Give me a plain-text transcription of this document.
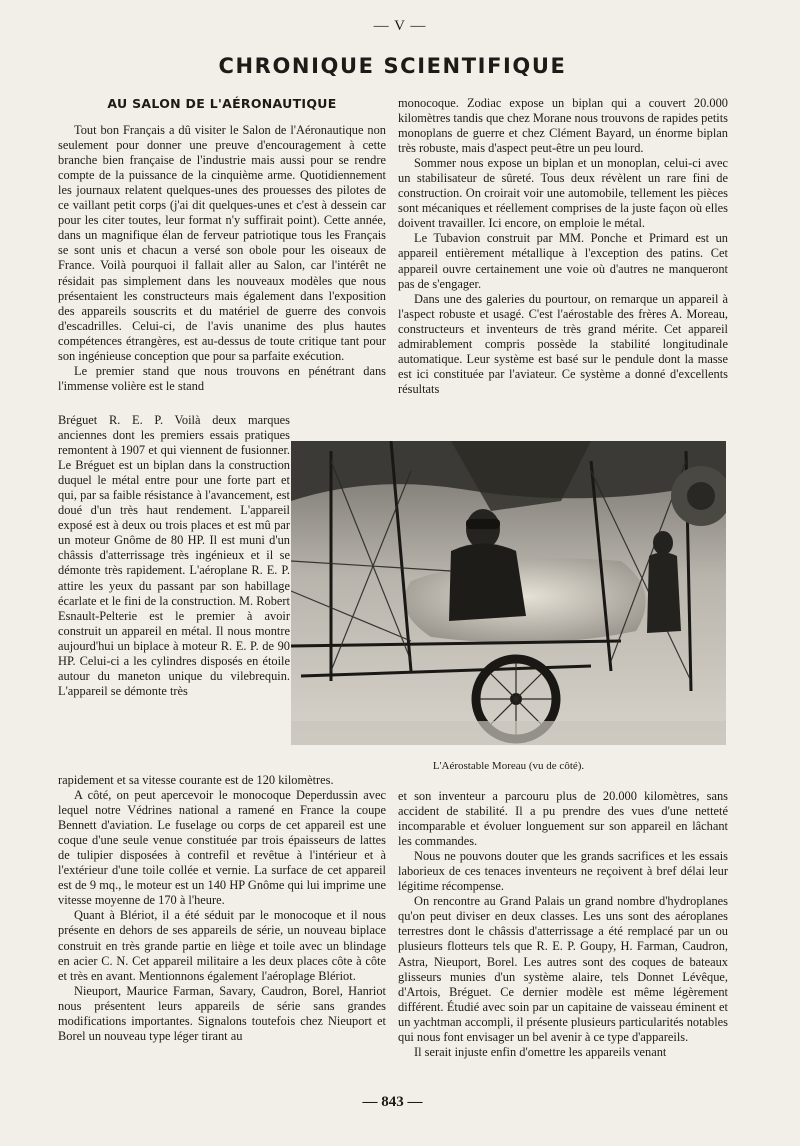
— V —
CHRONIQUE SCIENTIFIQUE
AU SALON DE L'AÉRONAUTIQUE

Tout bon Français a dû visiter le Salon de l'Aéronautique non seulement pour donner une preuve d'encouragement à cette branche bien française de l'industrie mais aussi pour se rendre compte de la puissance de la cinquième arme. Quotidiennement les journaux relatent quelques-unes des prouesses des pilotes de ce vaillant petit corps (j'ai dit quelques-unes et c'est à dessein car pour les citer toutes, leur format n'y suffirait point). Cette année, dans un magnifique élan de ferveur patriotique tous les Français se sont unis et chacun a versé son obole pour les oiseaux de France. Voilà pourquoi il fallait aller au Salon, car l'intérêt ne résidait pas simplement dans les nouveaux modèles que nous présentaient les constructeurs mais également dans l'exposition des appareils souscrits et du matériel de guerre des convois d'escadrilles. Celui-ci, de l'avis unanime des plus hautes compétences étrangères, est au-dessus de toute critique tant pour son ingénieuse conception que pour sa parfaite exécution.

Le premier stand que nous trouvons en pénétrant dans l'immense volière est le stand

Bréguet R. E. P. Voilà deux marques anciennes dont les premiers essais pratiques remontent à 1907 et qui viennent de fusionner. Le Bréguet est un biplan dans la construction duquel le métal entre pour une forte part et qui, par sa faible résistance à l'avancement, est doué d'un très haut rendement. L'appareil exposé est à deux ou trois places et est mû par un moteur Gnôme de 80 HP. Il est muni d'un châssis d'atterrissage très ingénieux et il se démonte très rapidement. L'aéroplane R. E. P. attire les yeux du passant par son habillage écarlate et le fini de la construction. M. Robert Esnault-Pelterie est le premier à avoir construit un appareil en métal. Il nous montre aujourd'hui un biplace à moteur R. E. P. de 90 HP. Celui-ci a les cylindres disposés en étoile autour du maneton unique du vilebrequin. L'appareil se démonte très

rapidement et sa vitesse courante est de 120 kilomètres.

A côté, on peut apercevoir le monocoque Deperdussin avec lequel notre Védrines national a ramené en France la coupe Bennett d'aviation. Le fuselage ou corps de cet appareil est une coque d'une seule venue constituée par trois épaisseurs de lattes de tulipier disposées à contrefil et revêtue à l'intérieur et à l'extérieur d'une toile collée et vernie. La surface de cet appareil est de 9 mq., le moteur est un 140 HP Gnôme qui lui imprime une vitesse moyenne de 170 à l'heure.

Quant à Blériot, il a été séduit par le monocoque et il nous présente en dehors de ses appareils de série, un nouveau biplace construit en très grande partie en liège et toile avec un blindage en acier C. N. Cet appareil militaire a les deux places côte à côte et très en avant. Mentionnons également l'aéroplage Blériot.

Nieuport, Maurice Farman, Savary, Caudron, Borel, Hanriot nous présentent leurs appareils de série sans grandes modifications importantes. Signalons toutefois chez Nieuport et Borel un nouveau type léger tirant au

monocoque. Zodiac expose un biplan qui a couvert 20.000 kilomètres tandis que chez Morane nous trouvons de rapides petits monoplans de guerre et chez Clément Bayard, un énorme biplan très robuste, mais d'aspect peut-être un peu lourd.

Sommer nous expose un biplan et un monoplan, celui-ci avec un stabilisateur de sûreté. Tous deux révèlent un rare fini de construction. On croirait voir une automobile, tellement les pièces sont mécaniques et réellement comprises de la juste façon où elles doivent travailler. Ici encore, on emploie le métal.

Le Tubavion construit par MM. Ponche et Primard est un appareil entièrement métallique à l'exception des patins. Cet appareil ouvre certainement une voie où d'autres ne manqueront pas de s'engager.

Dans une des galeries du pourtour, on remarque un appareil à l'aspect robuste et usagé. C'est l'aérostable des frères A. Moreau, constructeurs et inventeurs de très grand mérite. Cet appareil admirablement compris possède la stabilité longitudinale automatique. Leur système est basé sur le pendule dont la masse est ici constituée par l'aviateur. Ce système a donné d'excellents résultats

L'Aérostable Moreau (vu de côté).

et son inventeur a parcouru plus de 20.000 kilomètres, sans accident de stabilité. Il a pu prendre des vues d'une netteté incomparable et évoluer longuement sur son appareil en lâchant les commandes.

Nous ne pouvons douter que les grands sacrifices et les essais laborieux de ces tenaces inventeurs ne reçoivent à bref délai leur légitime récompense.

On rencontre au Grand Palais un grand nombre d'hydroplanes qu'on peut diviser en deux classes. Les uns sont des aéroplanes terrestres dont le châssis d'atterrissage a été remplacé par un ou plusieurs flotteurs tels que R. E. P. Goupy, H. Farman, Caudron, Astra, Nieuport, Borel. Les autres sont des coques de bateaux glisseurs munies d'un système alaire, tels Donnet Lévêque, d'Artois, Bréguet. Ce dernier modèle est même légèrement différent. Étudié avec soin par un capitaine de vaisseau éminent et un yachtman accompli, il présente plusieurs particularités notables qui nous font envisager un bel avenir à ce type d'appareils.

Il serait injuste enfin d'omettre les appareils venant

— 843 —
